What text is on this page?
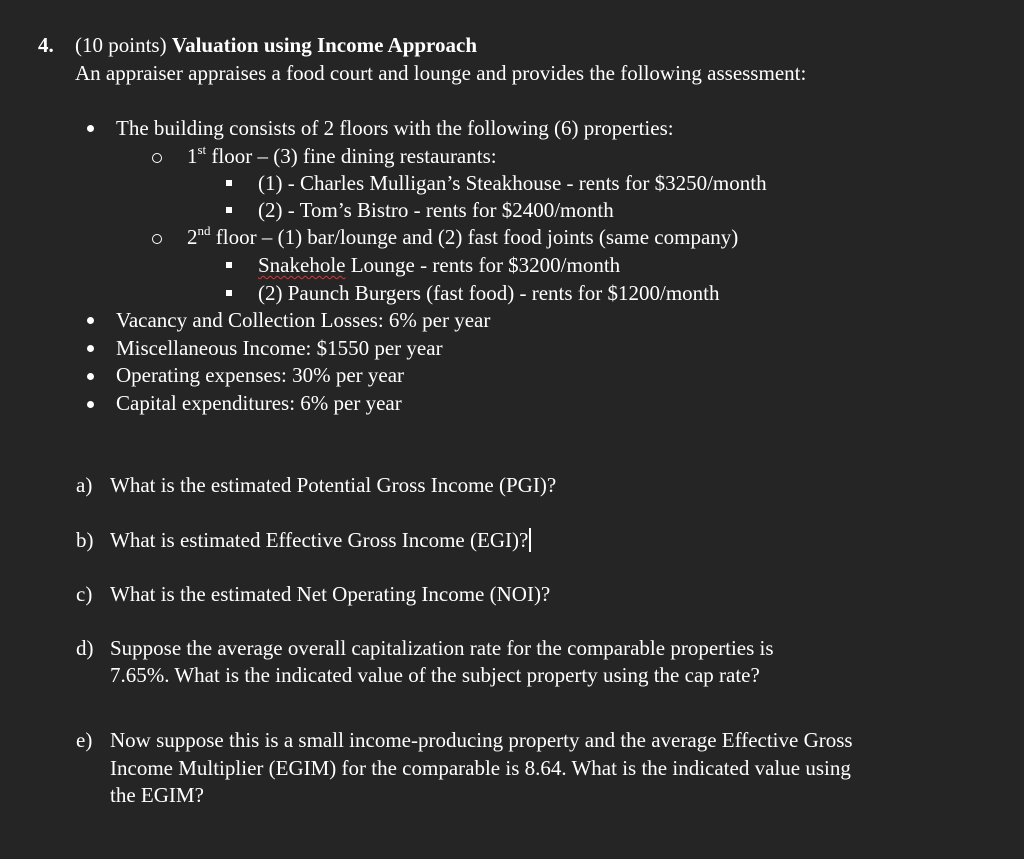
4. (10 points) Valuation using Income Approach
An appraiser appraises a food court and lounge and provides the following assessment:
The building consists of 2 floors with the following (6) properties:
1st floor – (3) fine dining restaurants:
(1) - Charles Mulligan’s Steakhouse - rents for $3250/month
(2) - Tom’s Bistro - rents for $2400/month
2nd floor – (1) bar/lounge and (2) fast food joints (same company)
Snakehole Lounge - rents for $3200/month
(2) Paunch Burgers (fast food) - rents for $1200/month
Vacancy and Collection Losses: 6% per year
Miscellaneous Income: $1550 per year
Operating expenses: 30% per year
Capital expenditures: 6% per year
a) What is the estimated Potential Gross Income (PGI)?
b) What is estimated Effective Gross Income (EGI)?
c) What is the estimated Net Operating Income (NOI)?
d) Suppose the average overall capitalization rate for the comparable properties is
7.65%. What is the indicated value of the subject property using the cap rate?
e) Now suppose this is a small income-producing property and the average Effective Gross
Income Multiplier (EGIM) for the comparable is 8.64. What is the indicated value using
the EGIM?
